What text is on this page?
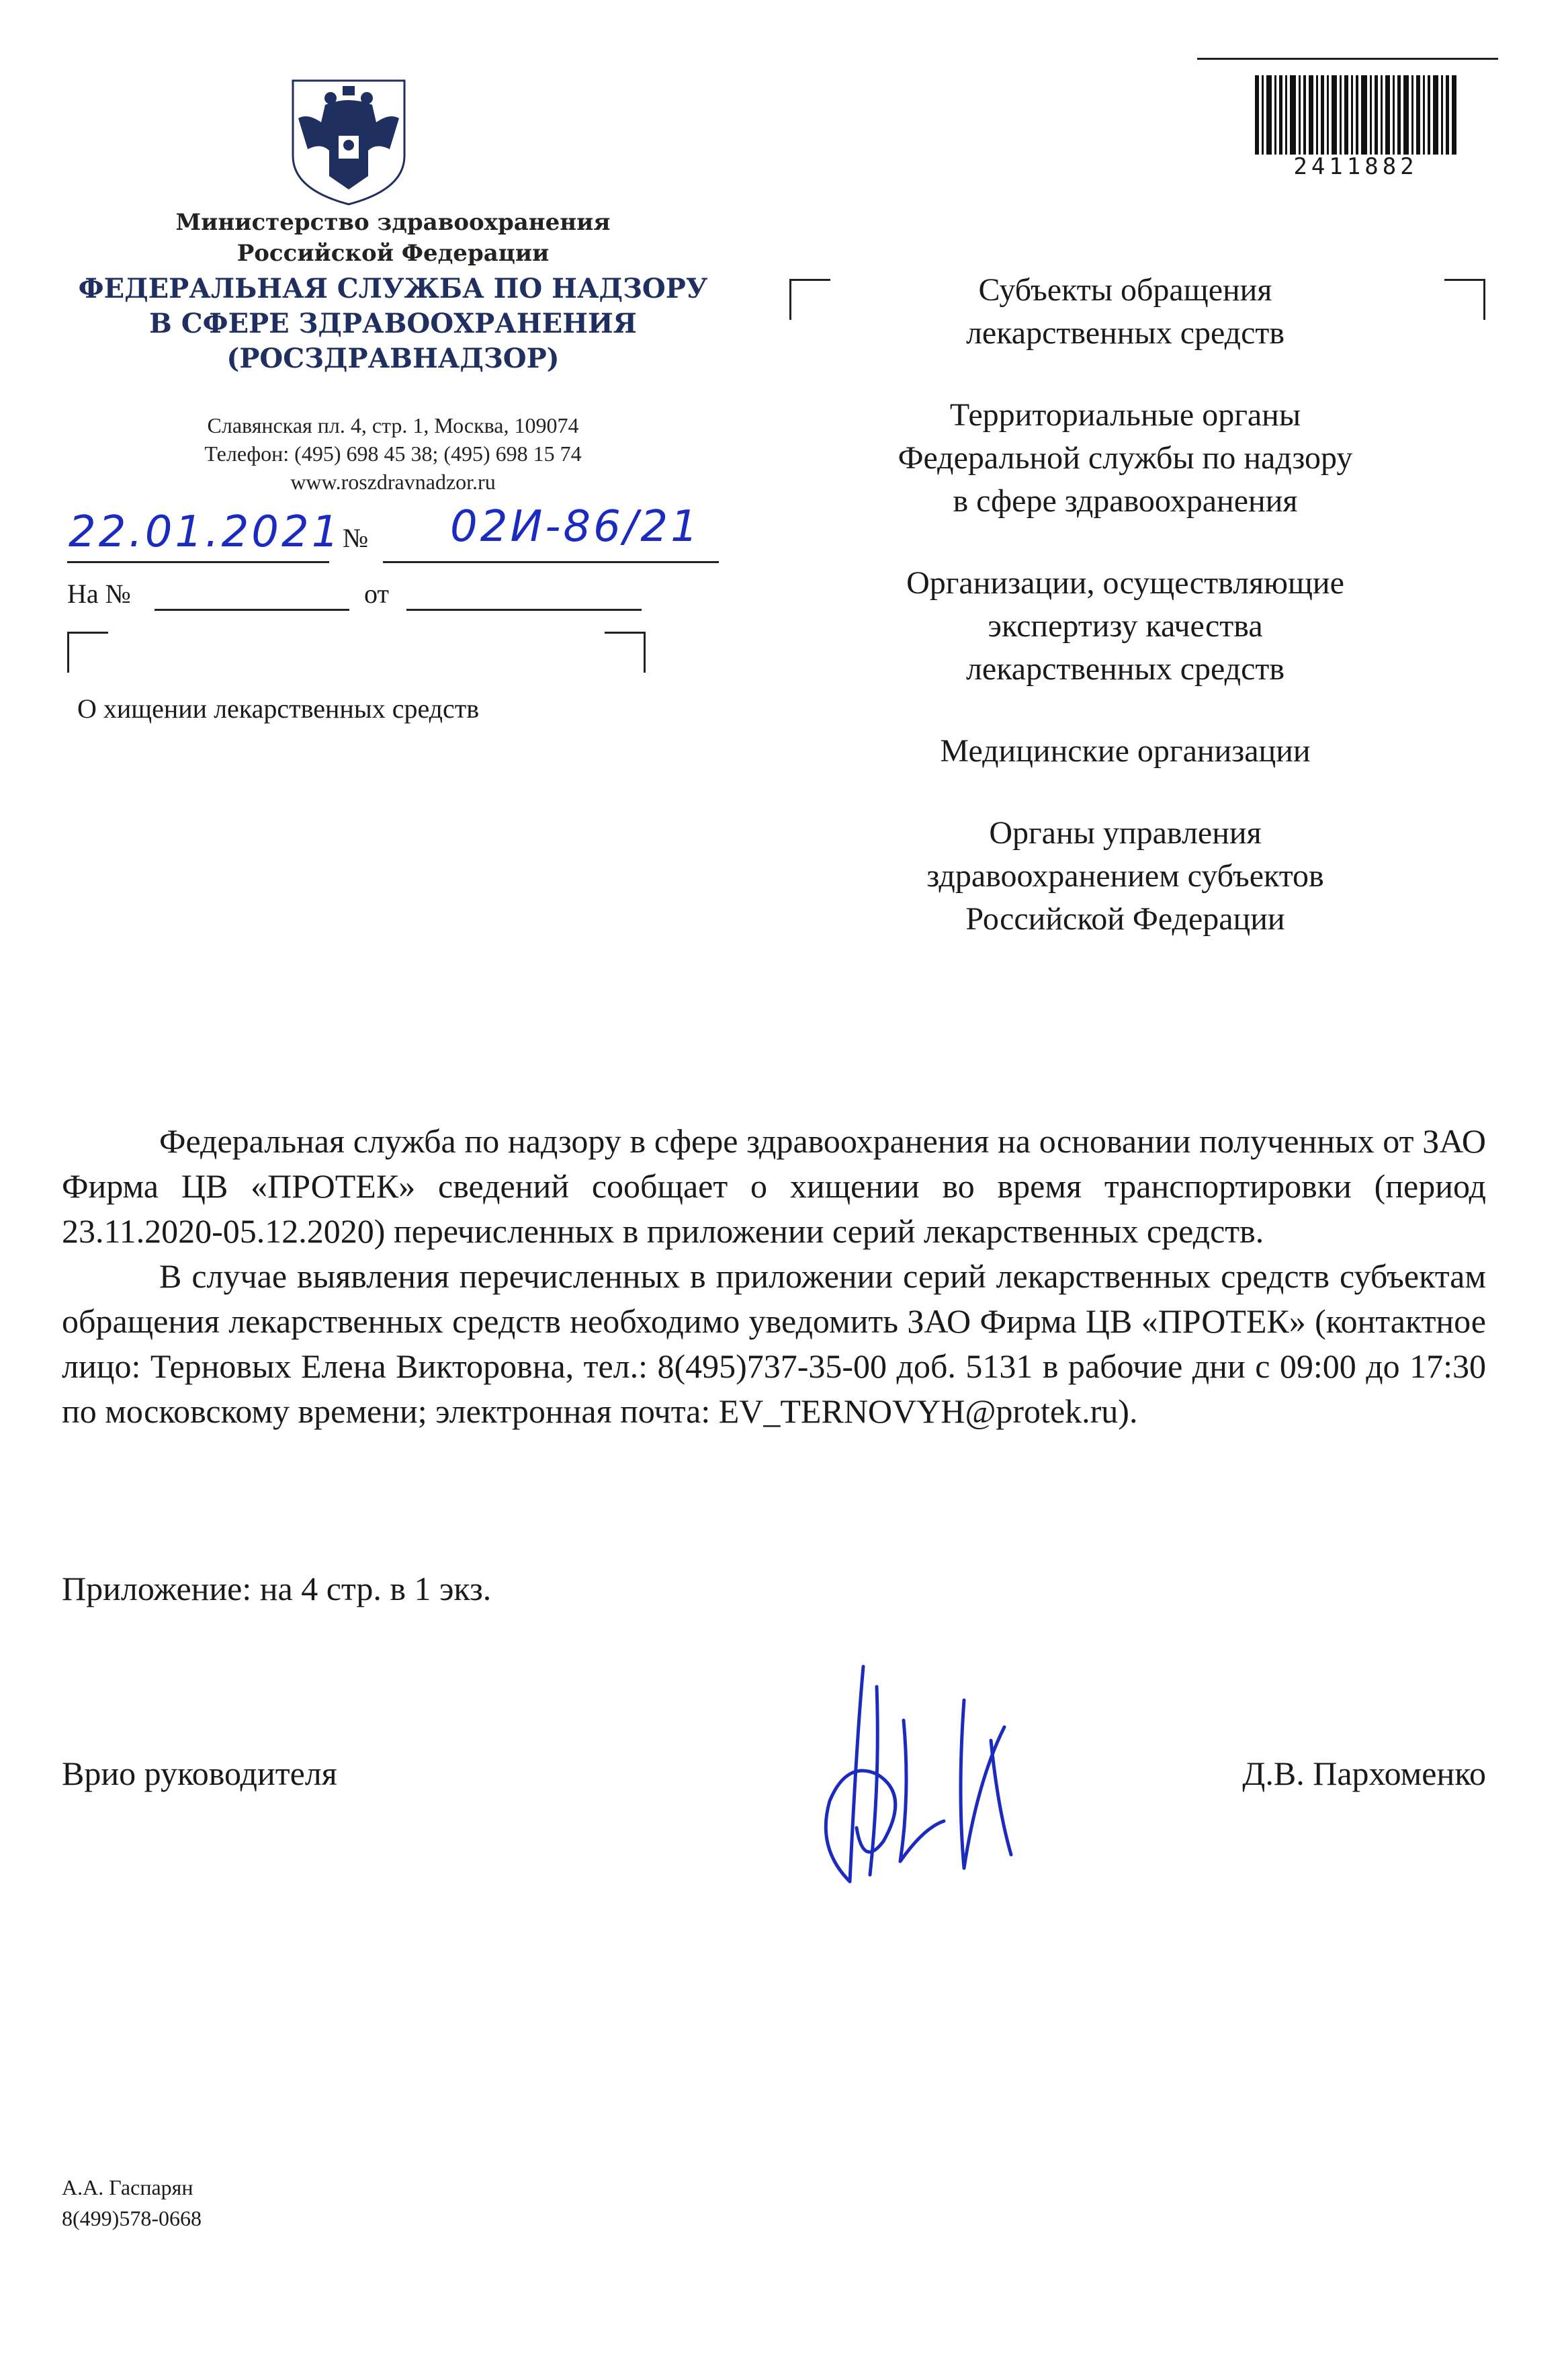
Министерство здравоохранения
Российской Федерации
ФЕДЕРАЛЬНАЯ СЛУЖБА ПО НАДЗОРУ
В СФЕРЕ ЗДРАВООХРАНЕНИЯ
(РОСЗДРАВНАДЗОР)
Славянская пл. 4, стр. 1, Москва, 109074
Телефон: (495) 698 45 38; (495) 698 15 74
www.roszdravnadzor.ru
22.01.2021 № 02И-86/21
На №	от
О хищении лекарственных средств
2411882
Субъекты обращения
лекарственных средств
Территориальные органы
Федеральной службы по надзору
в сфере здравоохранения
Организации, осуществляющие
экспертизу качества
лекарственных средств
Медицинские организации
Органы управления
здравоохранением субъектов
Российской Федерации

Федеральная служба по надзору в сфере здравоохранения на основании полученных от ЗАО Фирма ЦВ «ПРОТЕК» сведений сообщает о хищении во время транспортировки (период 23.11.2020-05.12.2020) перечисленных в приложении серий лекарственных средств.

В случае выявления перечисленных в приложении серий лекарственных средств субъектам обращения лекарственных средств необходимо уведомить ЗАО Фирма ЦВ «ПРОТЕК» (контактное лицо: Терновых Елена Викторовна, тел.: 8(495)737-35-00 доб. 5131 в рабочие дни с 09:00 до 17:30 по московскому времени; электронная почта: EV_TERNOVYH@protek.ru).

Приложение: на 4 стр. в 1 экз.
Врио руководителя	Д.В. Пархоменко
А.А. Гаспарян
8(499)578-0668
